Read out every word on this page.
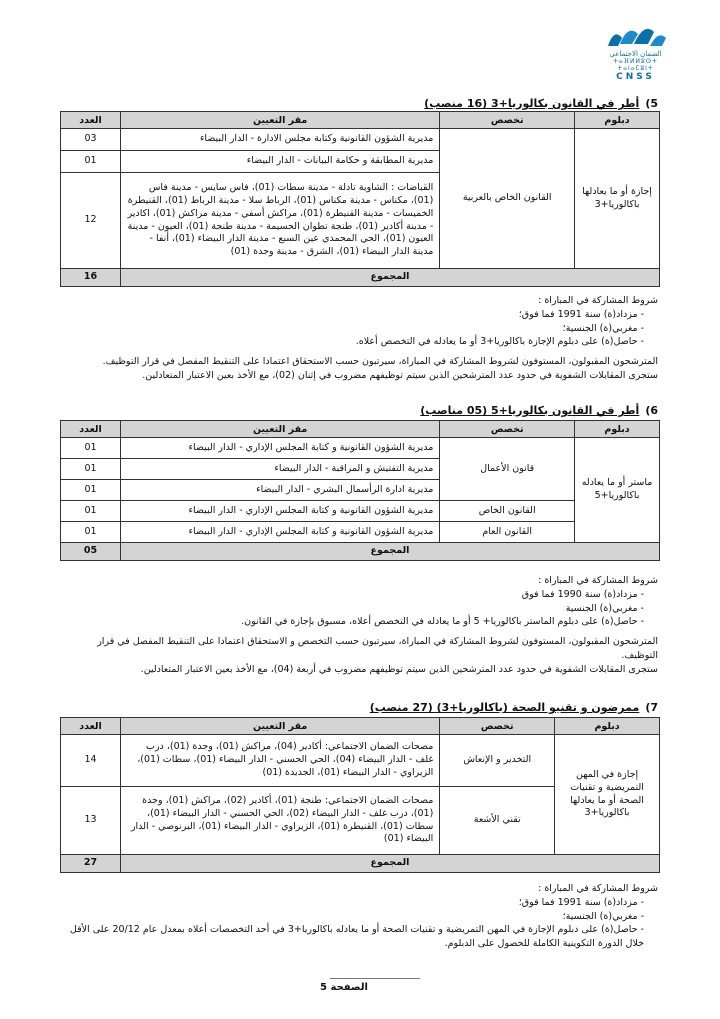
الضمان الاجتماعي
ⵜⴰⴼⵍⵍⵓⵙⵜ ⵜⴰⵏⴰⵎⵓⵏⵜ
CNSS
5)أطر في القانون بكالوريا+3 (16 منصب)
دبلوم	تخصص	مقر التعيين	العدد
إجازة أو ما يعادلها باكالوريا+3	القانون الخاص بالعربية	مديرية الشؤون القانونية وكتابة مجلس الادارة - الدار البيضاء	03
		مديرية المطابقة و حكامة البيانات - الدار البيضاء	01
		القباضات : الشاوية تادلة - مدينة سطات (01)، فاس سايس - مدينة فاس (01)، مكناس - مدينة مكناس (01)، الرباط سلا - مدينة الرباط (01)، القنيطرة الخميسات - مدينة القنيطرة (01)، مراكش أسفي - مدينة مراكش (01)، اكادير - مدينة أكادير (01)، طنجة تطوان الحسيمة - مدينة طنجة (01)، العيون - مدينة العيون (01)، الحي المحمدي عين السبع - مدينة الدار البيضاء (01)، أنفا - مدينة الدار البيضاء (01)، الشرق - مدينة وجدة (01)	12
المجموع			16
شروط المشاركة في المباراة :
- مزداد(ة) سنة 1991 فما فوق؛
- مغربي(ة) الجنسية؛
- حاصل(ة) على دبلوم الإجازة باكالوريا+3 أو ما يعادله في التخصص أعلاه.
المترشحون المقبولون، المستوفون لشروط المشاركة في المباراة، سيرتبون حسب الاستحقاق اعتمادا على التنقيط المفصل في قرار التوظيف.
ستجرى المقابلات الشفوية في حدود عدد المترشحين الذين سيتم توظيفهم مضروب في إثنان (02)، مع الأخذ بعين الاعتبار المتعادلين.
6)أطر في القانون بكالوريا+5 (05 مناصب)
دبلوم	تخصص	مقر التعيين	العدد
ماستر أو ما يعادله باكالوريا+5	قانون الأعمال	مديرية الشؤون القانونية و كتابة المجلس الإداري - الدار البيضاء	01
		مديرية التفتيش و المراقبة - الدار البيضاء	01
		مديرية ادارة الرأسمال البشري - الدار البيضاء	01
	القانون الخاص	مديرية الشؤون القانونية و كتابة المجلس الإداري - الدار البيضاء	01
	القانون العام	مديرية الشؤون القانونية و كتابة المجلس الإداري - الدار البيضاء	01
المجموع			05
شروط المشاركة في المباراة :
- مزداد(ة) سنة 1990 فما فوق
- مغربي(ة) الجنسية
- حاصل(ة) على دبلوم الماستر باكالوريا+ 5 أو ما يعادله في التخصص أعلاه، مسبوق بإجازة في القانون.
المترشحون المقبولون، المستوفون لشروط المشاركة في المباراة، سيرتبون حسب التخصص و الاستحقاق اعتمادا على التنقيط المفصل في قرار التوظيف.
ستجرى المقابلات الشفوية في حدود عدد المترشحين الذين سيتم توظيفهم مضروب في أربعة (04)، مع الأخذ بعين الاعتبار المتعادلين.
7)ممرضون و تقنيو الصحة (باكالوريا+3) (27 منصب)
دبلوم	تخصص	مقر التعيين	العدد
إجازة في المهن التمريضية و تقنيات الصحة أو ما يعادلها باكالوريا+3	التخدير و الإنعاش	مصحات الضمان الاجتماعي: أكادير (04)، مراكش (01)، وجدة (01)، درب غلف - الدار البيضاء (04)، الحي الحسني - الدار البيضاء (01)، سطات (01)، الزيراوي - الدار البيضاء (01)، الجديدة (01)	14
	تقني الأشعة	مصحات الضمان الاجتماعي: طنجة (01)، أكادير (02)، مراكش (01)، وجدة (01)، درب غلف - الدار البيضاء (02)، الحي الحسني - الدار البيضاء (01)، سطات (01)، القنيطرة (01)، الزيراوي - الدار البيضاء (01)، البرنوصي - الدار البيضاء (01)	13
المجموع			27
شروط المشاركة في المباراة :
- مزداد(ة) سنة 1991 فما فوق؛
- مغربي(ة) الجنسية؛
- حاصل(ة) على دبلوم الإجازة في المهن التمريضية و تقنيات الصحة أو ما يعادله باكالوريا+3 في أحد التخصصات أعلاه بمعدل عام 20/12 على الأقل خلال الدورة التكوينية الكاملة للحصول على الدبلوم.
الصفحة 5
